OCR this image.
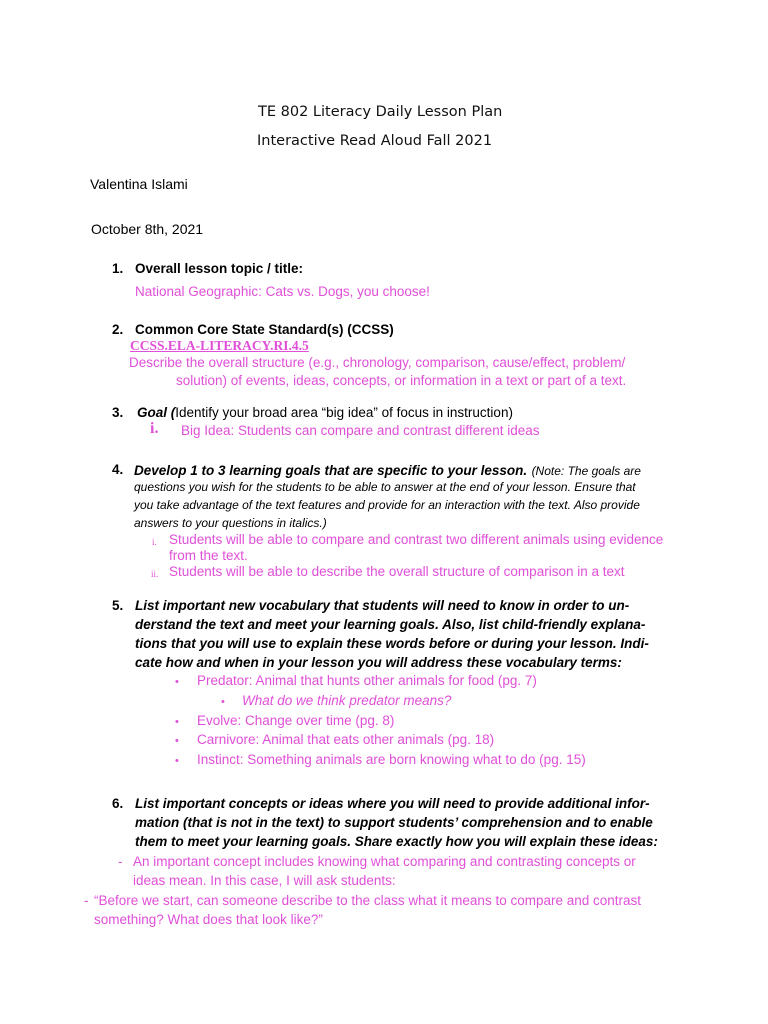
TE 802 Literacy Daily Lesson Plan
Interactive Read Aloud Fall 2021
Valentina Islami
October 8th, 2021
1. Overall lesson topic / title:
National Geographic: Cats vs. Dogs, you choose!
2. Common Core State Standard(s) (CCSS)
CCSS.ELA-LITERACY.RI.4.5
Describe the overall structure (e.g., chronology, comparison, cause/effect, problem/
solution) of events, ideas, concepts, or information in a text or part of a text.
3. Goal (Identify your broad area “big idea” of focus in instruction)
i. Big Idea: Students can compare and contrast different ideas
4. Develop 1 to 3 learning goals that are specific to your lesson. (Note: The goals are
questions you wish for the students to be able to answer at the end of your lesson. Ensure that
you take advantage of the text features and provide for an interaction with the text. Also provide
answers to your questions in italics.)
i. Students will be able to compare and contrast two different animals using evidence
from the text.
ii. Students will be able to describe the overall structure of comparison in a text
5. List important new vocabulary that students will need to know in order to un-
derstand the text and meet your learning goals. Also, list child-friendly explana-
tions that you will use to explain these words before or during your lesson. Indi-
cate how and when in your lesson you will address these vocabulary terms:
• Predator: Animal that hunts other animals for food (pg. 7)
• What do we think predator means?
• Evolve: Change over time (pg. 8)
• Carnivore: Animal that eats other animals (pg. 18)
• Instinct: Something animals are born knowing what to do (pg. 15)
6. List important concepts or ideas where you will need to provide additional infor-
mation (that is not in the text) to support students’ comprehension and to enable
them to meet your learning goals. Share exactly how you will explain these ideas:
- An important concept includes knowing what comparing and contrasting concepts or
ideas mean. In this case, I will ask students:
- “Before we start, can someone describe to the class what it means to compare and contrast
something? What does that look like?”
